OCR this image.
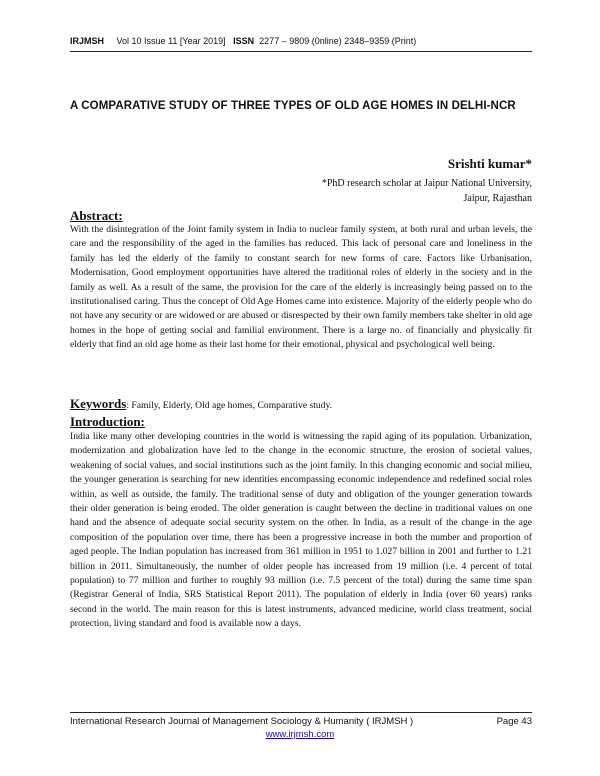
IRJMSH Vol 10 Issue 11 [Year 2019] ISSN 2277 – 9809 (0nline) 2348–9359 (Print)
A COMPARATIVE STUDY OF THREE TYPES OF OLD AGE HOMES IN DELHI-NCR
Srishti kumar*
*PhD research scholar at Jaipur National University,
Jaipur, Rajasthan
Abstract:
With the disintegration of the Joint family system in India to nuclear family system, at both rural and urban levels, the care and the responsibility of the aged in the families has reduced. This lack of personal care and loneliness in the family has led the elderly of the family to constant search for new forms of care. Factors like Urbanisation, Modernisation, Good employment opportunities have altered the traditional roles of elderly in the society and in the family as well. As a result of the same, the provision for the care of the elderly is increasingly being passed on to the institutionalised caring. Thus the concept of Old Age Homes came into existence. Majority of the elderly people who do not have any security or are widowed or are abused or disrespected by their own family members take shelter in old age homes in the hope of getting social and familial environment. There is a large no. of financially and physically fit elderly that find an old age home as their last home for their emotional, physical and psychological well being.
Keywords: Family, Elderly, Old age homes, Comparative study.
Introduction:
India like many other developing countries in the world is witnessing the rapid aging of its population. Urbanization, modernization and globalization have led to the change in the economic structure, the erosion of societal values, weakening of social values, and social institutions such as the joint family. In this changing economic and social milieu, the younger generation is searching for new identities encompassing economic independence and redefined social roles within, as well as outside, the family. The traditional sense of duty and obligation of the younger generation towards their older generation is being eroded. The older generation is caught between the decline in traditional values on one hand and the absence of adequate social security system on the other. In India, as a result of the change in the age composition of the population over time, there has been a progressive increase in both the number and proportion of aged people. The Indian population has increased from 361 million in 1951 to 1.027 billion in 2001 and further to 1.21 billion in 2011. Simultaneously, the number of older people has increased from 19 million (i.e. 4 percent of total population) to 77 million and further to roughly 93 million (i.e. 7.5 percent of the total) during the same time span (Registrar General of India, SRS Statistical Report 2011). The population of elderly in India (over 60 years) ranks second in the world. The main reason for this is latest instruments, advanced medicine, world class treatment, social protection, living standard and food is available now a days.
International Research Journal of Management Sociology & Humanity ( IRJMSH )	Page 43
www.irjmsh.com
